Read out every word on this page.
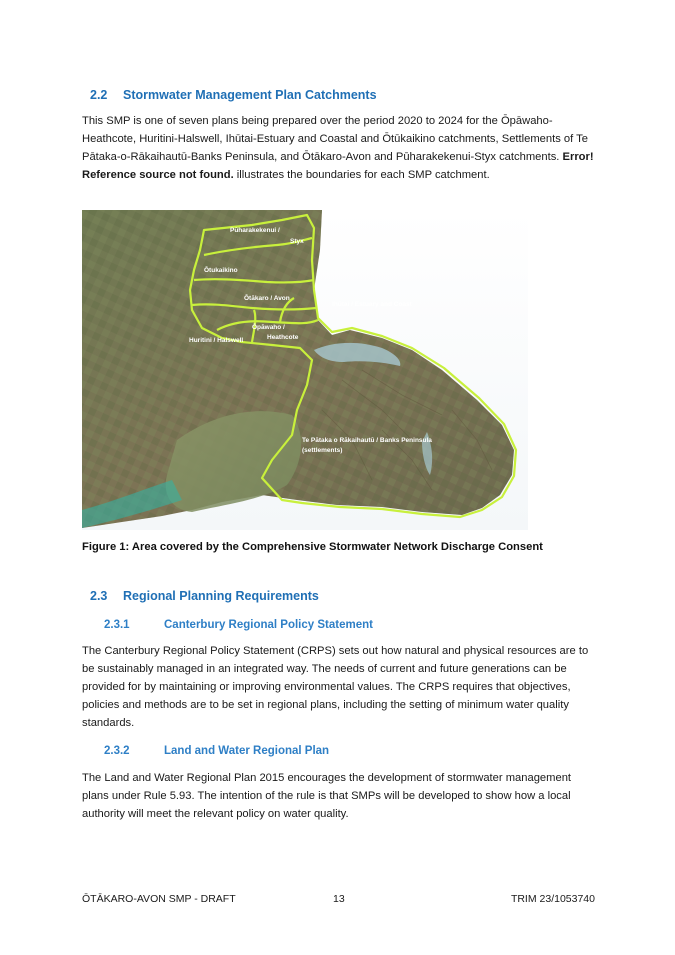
2.2 Stormwater Management Plan Catchments
This SMP is one of seven plans being prepared over the period 2020 to 2024 for the Ōpāwaho-Heathcote, Huritini-Halswell, Ihūtai-Estuary and Coastal and Ōtūkaikino catchments, Settlements of Te Pātaka-o-Rākaihautū-Banks Peninsula, and Ōtākaro-Avon and Pūharakekenui-Styx catchments. Error! Reference source not found. illustrates the boundaries for each SMP catchment.
Pūharakekenui /
Styx
Ōtukaikino
Ōtākaro / Avon
Ihūtai / Estuary and Coast
Ōpāwaho /
Heathcote
Huritini / Halswell
Te Pātaka o Rākaihautū / Banks Peninsula
(settlements)
Figure 1: Area covered by the Comprehensive Stormwater Network Discharge Consent
2.3 Regional Planning Requirements
2.3.1	Canterbury Regional Policy Statement
The Canterbury Regional Policy Statement (CRPS) sets out how natural and physical resources are to be sustainably managed in an integrated way. The needs of current and future generations can be provided for by maintaining or improving environmental values. The CRPS requires that objectives, policies and methods are to be set in regional plans, including the setting of minimum water quality standards.
2.3.2	Land and Water Regional Plan
The Land and Water Regional Plan 2015 encourages the development of stormwater management plans under Rule 5.93. The intention of the rule is that SMPs will be developed to show how a local authority will meet the relevant policy on water quality.
ŌTĀKARO-AVON SMP - DRAFT	13	TRIM 23/1053740
